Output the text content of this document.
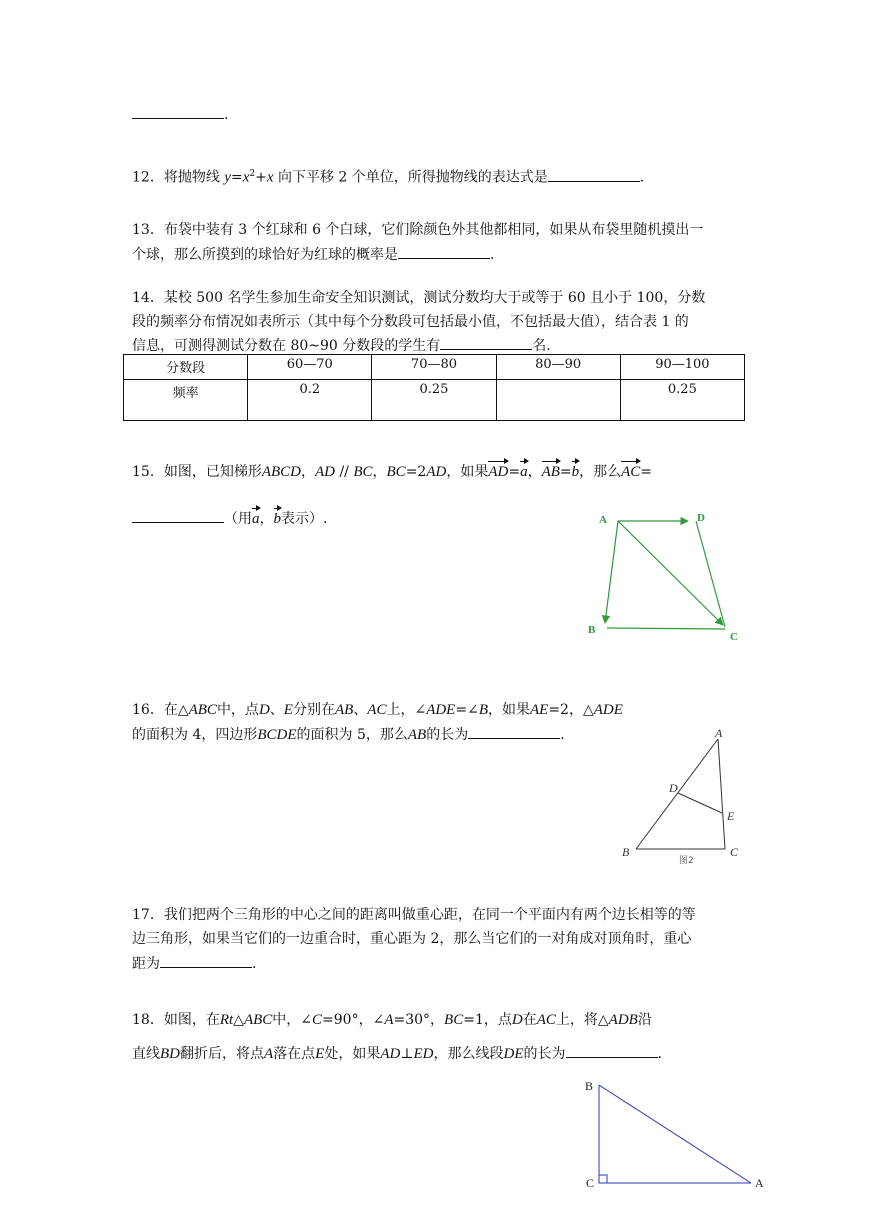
.
12．将抛物线 $y=x^2+x$ 向下平移 2 个单位，所得抛物线的表达式是	.
13．布袋中装有 3 个红球和 6 个白球，它们除颜色外其他都相同，如果从布袋里随机摸出一
个球，那么所摸到的球恰好为红球的概率是	.
14．某校 500 名学生参加生命安全知识测试，测试分数均大于或等于 60 且小于 100，分数
段的频率分布情况如表所示（其中每个分数段可包括最小值，不包括最大值），结合表 1 的
信息，可测得测试分数在 80~90 分数段的学生有	名.
分数段	60—70	70—80	80—90	90—100
频率	0.2	0.25		0.25
15．如图，已知梯形ABCD，AD // BC，BC=2AD，如果AD=a，AB=b，那么AC=
（用a，b表示）.	A	D
B
C
16．在△ABC中，点D、E分别在AB、AC上，∠ADE=∠B，如果AE=2，△ADE
的面积为 4，四边形BCDE的面积为 5，那么AB的长为	.	A
D
E
B	C
图2
17．我们把两个三角形的中心之间的距离叫做重心距，在同一个平面内有两个边长相等的等
边三角形，如果当它们的一边重合时，重心距为 2，那么当它们的一对角成对顶角时，重心
距为	.
18．如图，在Rt△ABC中，∠C=90°，∠A=30°，BC=1，点D在AC上，将△ADB沿
直线BD翻折后，将点A落在点E处，如果AD⊥ED，那么线段DE的长为	.
B
C	A
